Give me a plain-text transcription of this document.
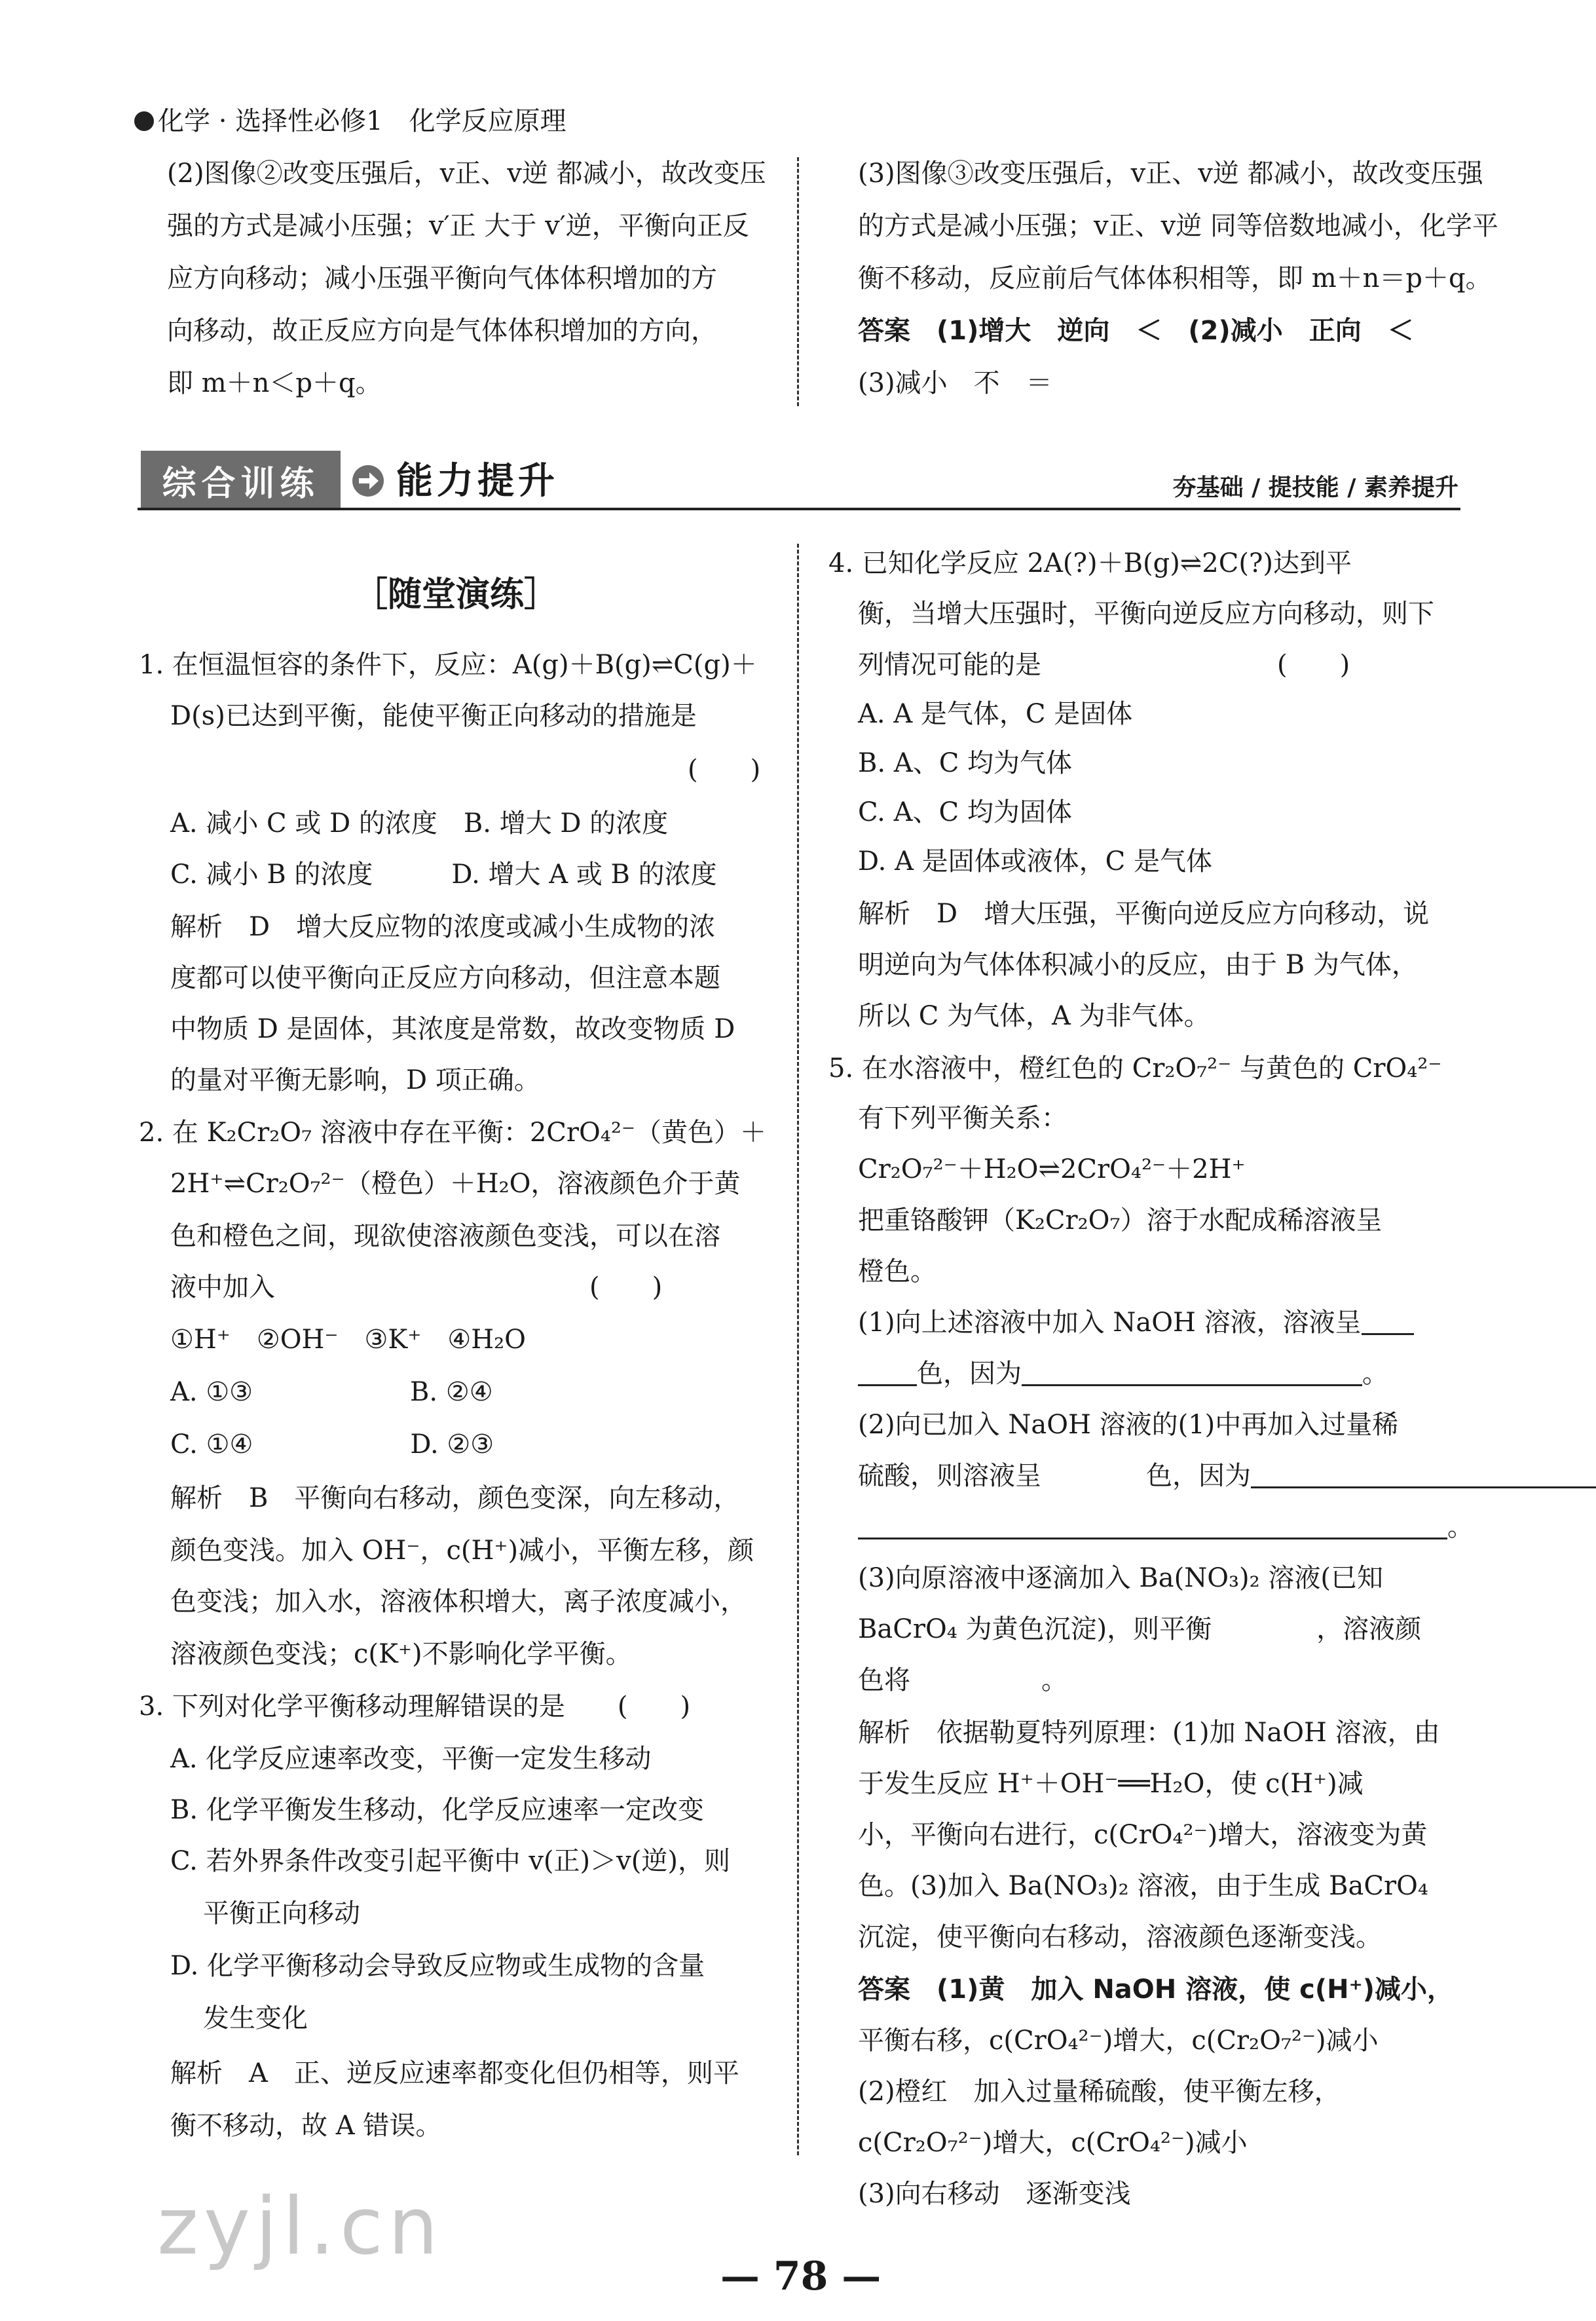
化学 · 选择性必修1　化学反应原理
(2)图像②改变压强后，v正、v逆 都减小，故改变压
强的方式是减小压强；v′正 大于 v′逆，平衡向正反
应方向移动；减小压强平衡向气体体积增加的方
向移动，故正反应方向是气体体积增加的方向，
即 m＋n＜p＋q。
(3)图像③改变压强后，v正、v逆 都减小，故改变压强
的方式是减小压强；v正、v逆 同等倍数地减小，化学平
衡不移动，反应前后气体体积相等，即 m＋n＝p＋q。
答案　(1)增大　逆向　＜　(2)减小　正向　＜
(3)减小　不　＝
综合训练	能力提升	夯基础 / 提技能 / 素养提升
［随堂演练］
1. 在恒温恒容的条件下，反应：A(g)＋B(g)⇌C(g)＋
D(s)已达到平衡，能使平衡正向移动的措施是
(　　)
A. 减小 C 或 D 的浓度　B. 增大 D 的浓度
C. 减小 B 的浓度　　　D. 增大 A 或 B 的浓度
解析　D　增大反应物的浓度或减小生成物的浓
度都可以使平衡向正反应方向移动，但注意本题
中物质 D 是固体，其浓度是常数，故改变物质 D
的量对平衡无影响，D 项正确。
2. 在 K₂Cr₂O₇ 溶液中存在平衡：2CrO₄²⁻（黄色）＋
2H⁺⇌Cr₂O₇²⁻（橙色）＋H₂O，溶液颜色介于黄
色和橙色之间，现欲使溶液颜色变浅，可以在溶
液中加入　　　　　　　　　　　　(　　)
①H⁺　②OH⁻　③K⁺　④H₂O
A. ①③　　　　　　B. ②④
C. ①④　　　　　　D. ②③
解析　B　平衡向右移动，颜色变深，向左移动，
颜色变浅。加入 OH⁻，c(H⁺)减小，平衡左移，颜
色变浅；加入水，溶液体积增大，离子浓度减小，
溶液颜色变浅；c(K⁺)不影响化学平衡。
3. 下列对化学平衡移动理解错误的是　　(　　)
A. 化学反应速率改变，平衡一定发生移动
B. 化学平衡发生移动，化学反应速率一定改变
C. 若外界条件改变引起平衡中 v(正)＞v(逆)，则
平衡正向移动
D. 化学平衡移动会导致反应物或生成物的含量
发生变化
解析　A　正、逆反应速率都变化但仍相等，则平
衡不移动，故 A 错误。
4. 已知化学反应 2A(?)＋B(g)⇌2C(?)达到平
衡，当增大压强时，平衡向逆反应方向移动，则下
列情况可能的是　　　　　　　　　(　　)
A. A 是气体，C 是固体
B. A、C 均为气体
C. A、C 均为固体
D. A 是固体或液体，C 是气体
解析　D　增大压强，平衡向逆反应方向移动，说
明逆向为气体体积减小的反应，由于 B 为气体，
所以 C 为气体，A 为非气体。
5. 在水溶液中，橙红色的 Cr₂O₇²⁻ 与黄色的 CrO₄²⁻
有下列平衡关系：
Cr₂O₇²⁻＋H₂O⇌2CrO₄²⁻＋2H⁺
把重铬酸钾（K₂Cr₂O₇）溶于水配成稀溶液呈
橙色。
(1)向上述溶液中加入 NaOH 溶液，溶液呈
色，因为	。
(2)向已加入 NaOH 溶液的(1)中再加入过量稀
硫酸，则溶液呈　　　　色，因为
。
(3)向原溶液中逐滴加入 Ba(NO₃)₂ 溶液(已知
BaCrO₄ 为黄色沉淀)，则平衡　　　　，溶液颜
色将　　　　　。
解析　依据勒夏特列原理：(1)加 NaOH 溶液，由
于发生反应 H⁺＋OH⁻══H₂O，使 c(H⁺)减
小，平衡向右进行，c(CrO₄²⁻)增大，溶液变为黄
色。(3)加入 Ba(NO₃)₂ 溶液，由于生成 BaCrO₄
沉淀，使平衡向右移动，溶液颜色逐渐变浅。
答案　(1)黄　加入 NaOH 溶液，使 c(H⁺)减小，
平衡右移，c(CrO₄²⁻)增大，c(Cr₂O₇²⁻)减小
(2)橙红　加入过量稀硫酸，使平衡左移，
c(Cr₂O₇²⁻)增大，c(CrO₄²⁻)减小
(3)向右移动　逐渐变浅
zyjl.cn
— 78 —
